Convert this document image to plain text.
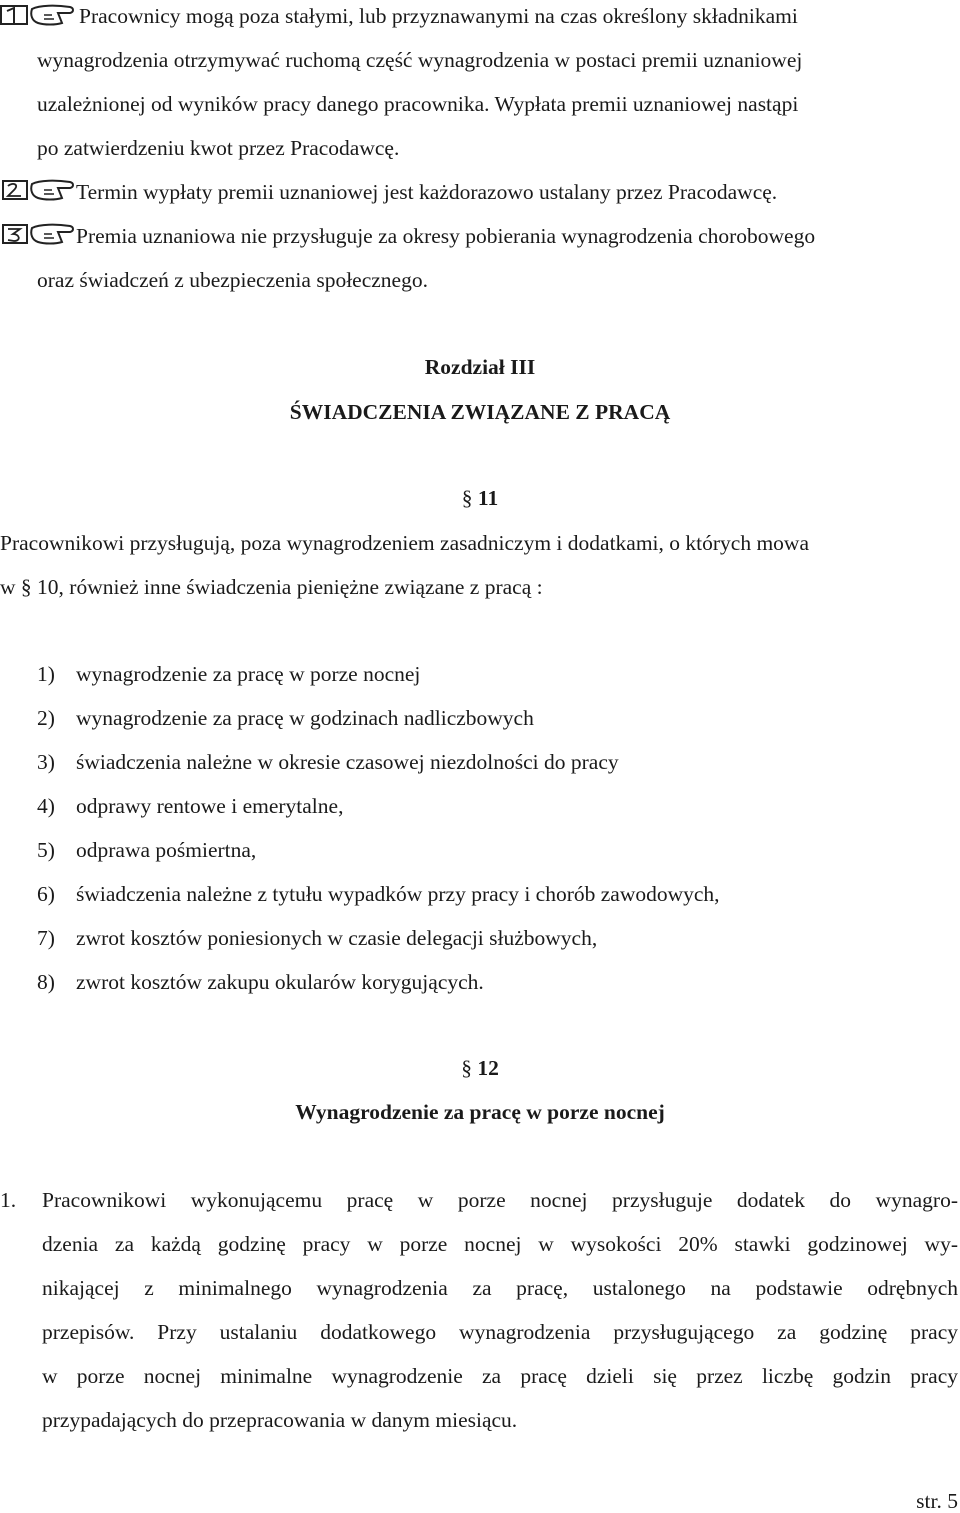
Pracownicy mogą poza stałymi, lub przyznawanymi na czas określony składnikami
wynagrodzenia otrzymywać ruchomą część wynagrodzenia w postaci premii uznaniowej
uzależnionej od wyników pracy danego pracownika. Wypłata premii uznaniowej nastąpi
po zatwierdzeniu kwot przez Pracodawcę.
Termin wypłaty premii uznaniowej jest każdorazowo ustalany przez Pracodawcę.
Premia uznaniowa nie przysługuje za okresy pobierania wynagrodzenia chorobowego
oraz świadczeń z ubezpieczenia społecznego.
Rozdział III
ŚWIADCZENIA ZWIĄZANE Z PRACĄ
§ 11
Pracownikowi przysługują, poza wynagrodzeniem zasadniczym i dodatkami, o których mowa
w § 10, również inne świadczenia pieniężne związane z pracą :
1) wynagrodzenie za pracę w porze nocnej
2) wynagrodzenie za pracę w godzinach nadliczbowych
3) świadczenia należne w okresie czasowej niezdolności do pracy
4) odprawy rentowe i emerytalne,
5) odprawa pośmiertna,
6) świadczenia należne z tytułu wypadków przy pracy i chorób zawodowych,
7) zwrot kosztów poniesionych w czasie delegacji służbowych,
8) zwrot kosztów zakupu okularów korygujących.
§ 12
Wynagrodzenie za pracę w porze nocnej
1. Pracownikowi wykonującemu pracę w porze nocnej przysługuje dodatek do wynagro-
dzenia za każdą godzinę pracy w porze nocnej w wysokości 20% stawki godzinowej wy-
nikającej z minimalnego wynagrodzenia za pracę, ustalonego na podstawie odrębnych
przepisów. Przy ustalaniu dodatkowego wynagrodzenia przysługującego za godzinę pracy
w porze nocnej minimalne wynagrodzenie za pracę dzieli się przez liczbę godzin pracy
przypadających do przepracowania w danym miesiącu.
str. 5
